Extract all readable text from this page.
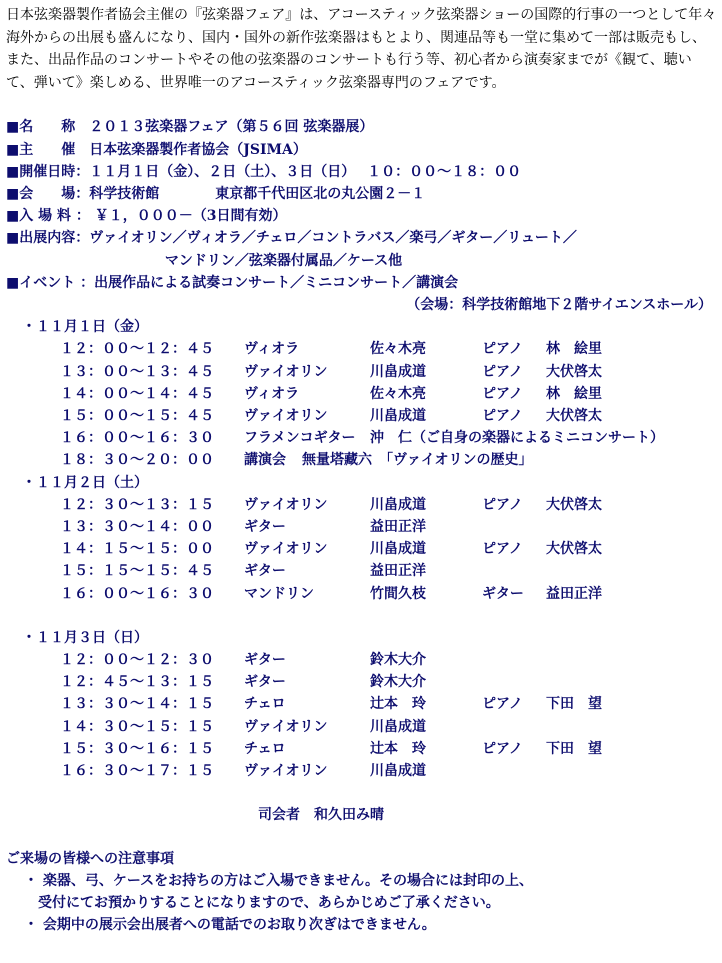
日本弦楽器製作者協会主催の『弦楽器フェア』は、アコースティック弦楽器ショーの国際的行事の一つとして年々海外からの出展も盛んになり、国内・国外の新作弦楽器はもとより、関連品等も一堂に集めて一部は販売もし、また、出品作品のコンサートやその他の弦楽器のコンサートも行う等、初心者から演奏家までが《観て、聴いて、弾いて》楽しめる、世界唯一のアコースティック弦楽器専門のフェアです。

■名　　称　２０１３弦楽器フェア（第５６回 弦楽器展）
■主　　催　日本弦楽器製作者協会（JSIMA）
■開催日時：１１月１日（金）、２日（土）、３日（日）　 １０：００～１８：００
■会　　場：科学技術館　　　　東京都千代田区北の丸公園２－１
■入 場 料 ： ￥１，０００－（3日間有効）
■出展内容：ヴァイオリン／ヴィオラ／チェロ／コントラバス／楽弓／ギター／リュート／
　　　　　　　　　　　 マンドリン／弦楽器付属品／ケース他
■イベント ：出展作品による試奏コンサート／ミニコンサート／講演会
（会場：科学技術館地下２階サイエンスホール）
・１１月１日（金）
１２：００～１２：４５	ヴィオラ	佐々木亮	ピアノ	林　絵里
１３：００～１３：４５	ヴァイオリン	川畠成道	ピアノ	大伏啓太
１４：００～１４：４５	ヴィオラ	佐々木亮	ピアノ	林　絵里
１５：００～１５：４５	ヴァイオリン	川畠成道	ピアノ	大伏啓太
１６：００～１６：３０	フラメンコギター	沖　仁（ご自身の楽器によるミニコンサート）
１８：３０～２０：００	講演会	無量塔藏六　「ヴァイオリンの歴史」
・１１月２日（土）
１２：３０～１３：１５	ヴァイオリン	川畠成道	ピアノ	大伏啓太
１３：３０～１４：００	ギター	益田正洋
１４：１５～１５：００	ヴァイオリン	川畠成道	ピアノ	大伏啓太
１５：１５～１５：４５	ギター	益田正洋
１６：００～１６：３０	マンドリン	竹間久枝	ギター	益田正洋
・１１月３日（日）
１２：００～１２：３０	ギター	鈴木大介
１２：４５～１３：１５	ギター	鈴木大介
１３：３０～１４：１５	チェロ	辻本　玲	ピアノ	下田　望
１４：３０～１５：１５	ヴァイオリン	川畠成道
１５：３０～１６：１５	チェロ	辻本　玲	ピアノ	下田　望
１６：３０～１７：１５	ヴァイオリン	川畠成道
司会者　和久田み晴
ご来場の皆様への注意事項
・ 楽器、弓、ケースをお持ちの方はご入場できません。その場合には封印の上、
受付にてお預かりすることになりますので、あらかじめご了承ください。
・ 会期中の展示会出展者への電話でのお取り次ぎはできません。
